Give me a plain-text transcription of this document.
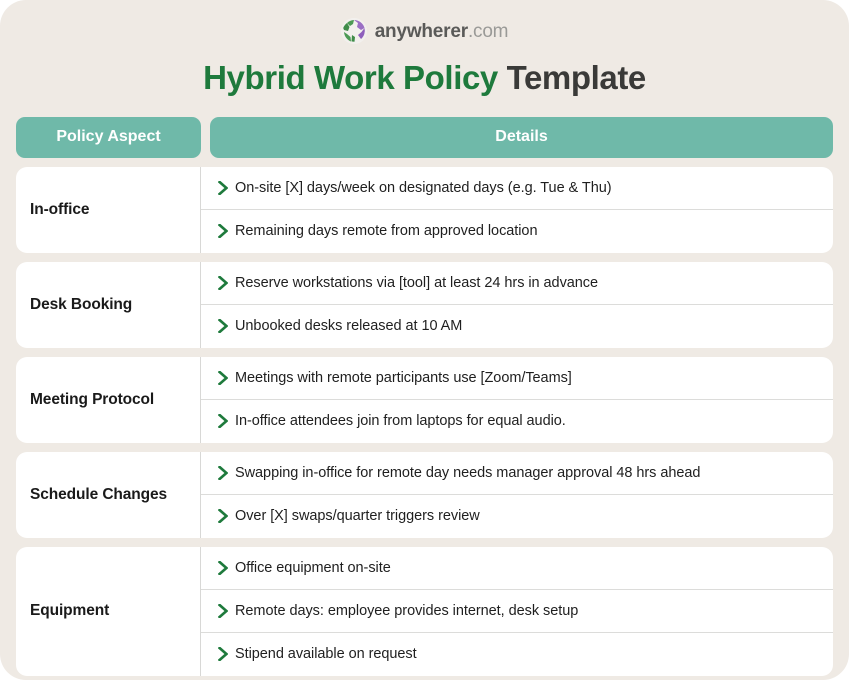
anywherer.com
Hybrid Work Policy Template
Policy Aspect	Details
In-office
On-site [X] days/week on designated days (e.g. Tue & Thu)
Remaining days remote from approved location
Desk Booking
Reserve workstations via [tool] at least 24 hrs in advance
Unbooked desks released at 10 AM
Meeting Protocol
Meetings with remote participants use [Zoom/Teams]
In-office attendees join from laptops for equal audio.
Schedule Changes
Swapping in-office for remote day needs manager approval 48 hrs ahead
Over [X] swaps/quarter triggers review
Equipment
Office equipment on-site
Remote days: employee provides internet, desk setup
Stipend available on request
